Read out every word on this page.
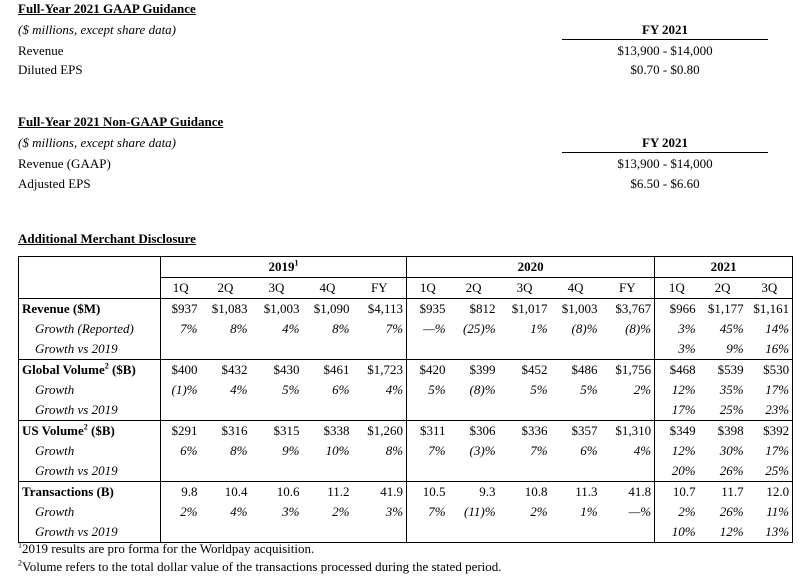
Full-Year 2021 GAAP Guidance
($ millions, except share data)	FY 2021
Revenue	$13,900 - $14,000
Diluted EPS	$0.70 - $0.80
Full-Year 2021 Non-GAAP Guidance
($ millions, except share data)	FY 2021
Revenue (GAAP)	$13,900 - $14,000
Adjusted EPS	$6.50 - $6.60
Additional Merchant Disclosure
	2019$^1$					2020					2021		
	1Q	2Q	3Q	4Q	FY	1Q	2Q	3Q	4Q	FY	1Q	2Q	3Q
Revenue ($M)	$937	$1,083	$1,003	$1,090	$4,113	$935	$812	$1,017	$1,003	$3,767	$966	$1,177	$1,161
Growth (Reported)	7%	8%	4%	8%	7%	—%	(25)%	1%	(8)%	(8)%	3%	45%	14%
Growth vs 2019											3%	9%	16%
Global Volume$^2$ ($B)	$400	$432	$430	$461	$1,723	$420	$399	$452	$486	$1,756	$468	$539	$530
Growth	(1)%	4%	5%	6%	4%	5%	(8)%	5%	5%	2%	12%	35%	17%
Growth vs 2019											17%	25%	23%
US Volume$^2$ ($B)	$291	$316	$315	$338	$1,260	$311	$306	$336	$357	$1,310	$349	$398	$392
Growth	6%	8%	9%	10%	8%	7%	(3)%	7%	6%	4%	12%	30%	17%
Growth vs 2019											20%	26%	25%
Transactions (B)	9.8	10.4	10.6	11.2	41.9	10.5	9.3	10.8	11.3	41.8	10.7	11.7	12.0
Growth	2%	4%	3%	2%	3%	7%	(11)%	2%	1%	—%	2%	26%	11%
Growth vs 2019											10%	12%	13%
$^1$2019 results are pro forma for the Worldpay acquisition.
$^2$Volume refers to the total dollar value of the transactions processed during the stated period.
